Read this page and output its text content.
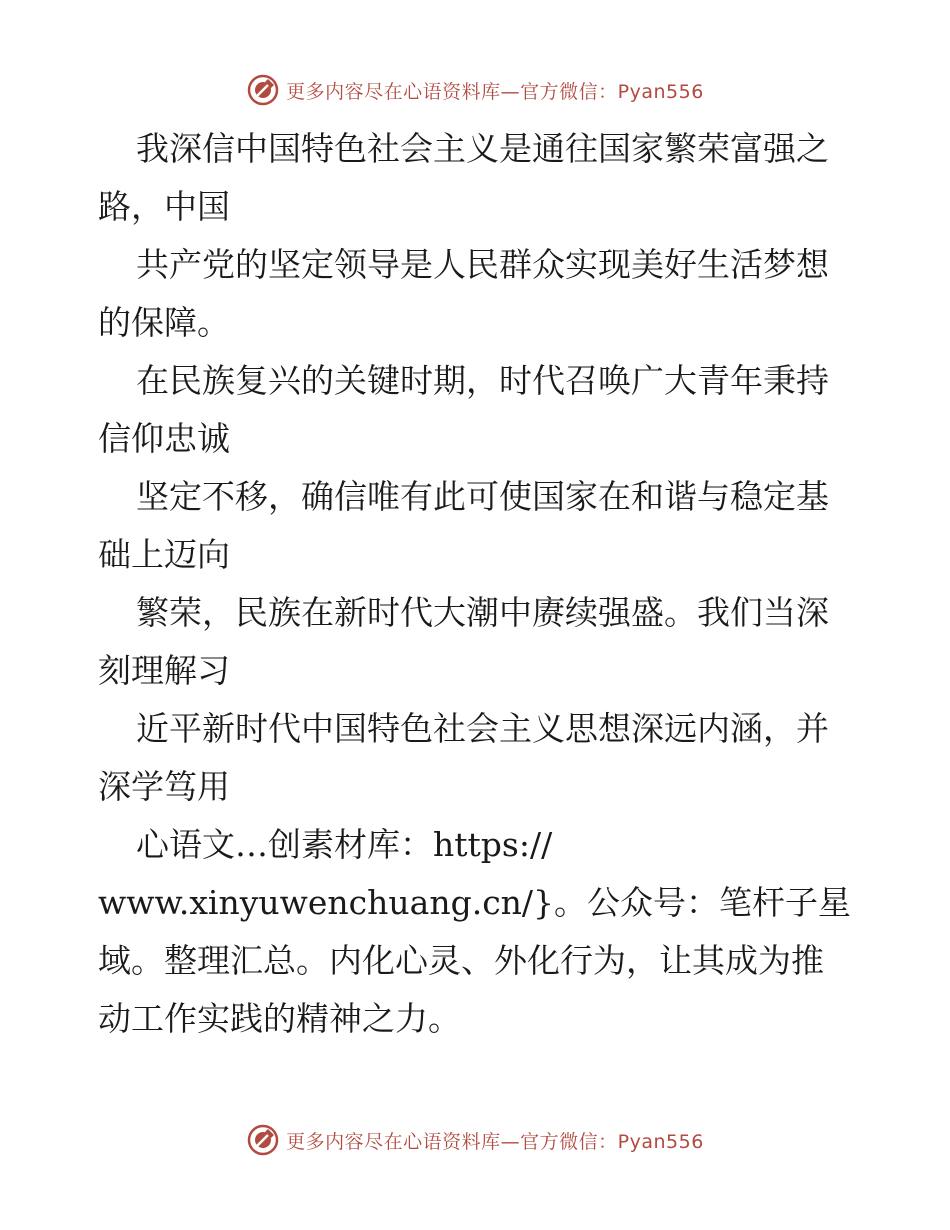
更多内容尽在心语资料库—官方微信：Pyan556

我深信中国特色社会主义是通往国家繁荣富强之路，中国

共产党的坚定领导是人民群众实现美好生活梦想的保障。

在民族复兴的关键时期，时代召唤广大青年秉持信仰忠诚

坚定不移，确信唯有此可使国家在和谐与稳定基础上迈向

繁荣，民族在新时代大潮中赓续强盛。我们当深刻理解习

近平新时代中国特色社会主义思想深远内涵，并深学笃用

心语文…创素材库：https://

www.xinyuwenchuang.cn/}。公众号：笔杆子星

域。整理汇总。内化心灵、外化行为，让其成为推

动工作实践的精神之力。

更多内容尽在心语资料库—官方微信：Pyan556
